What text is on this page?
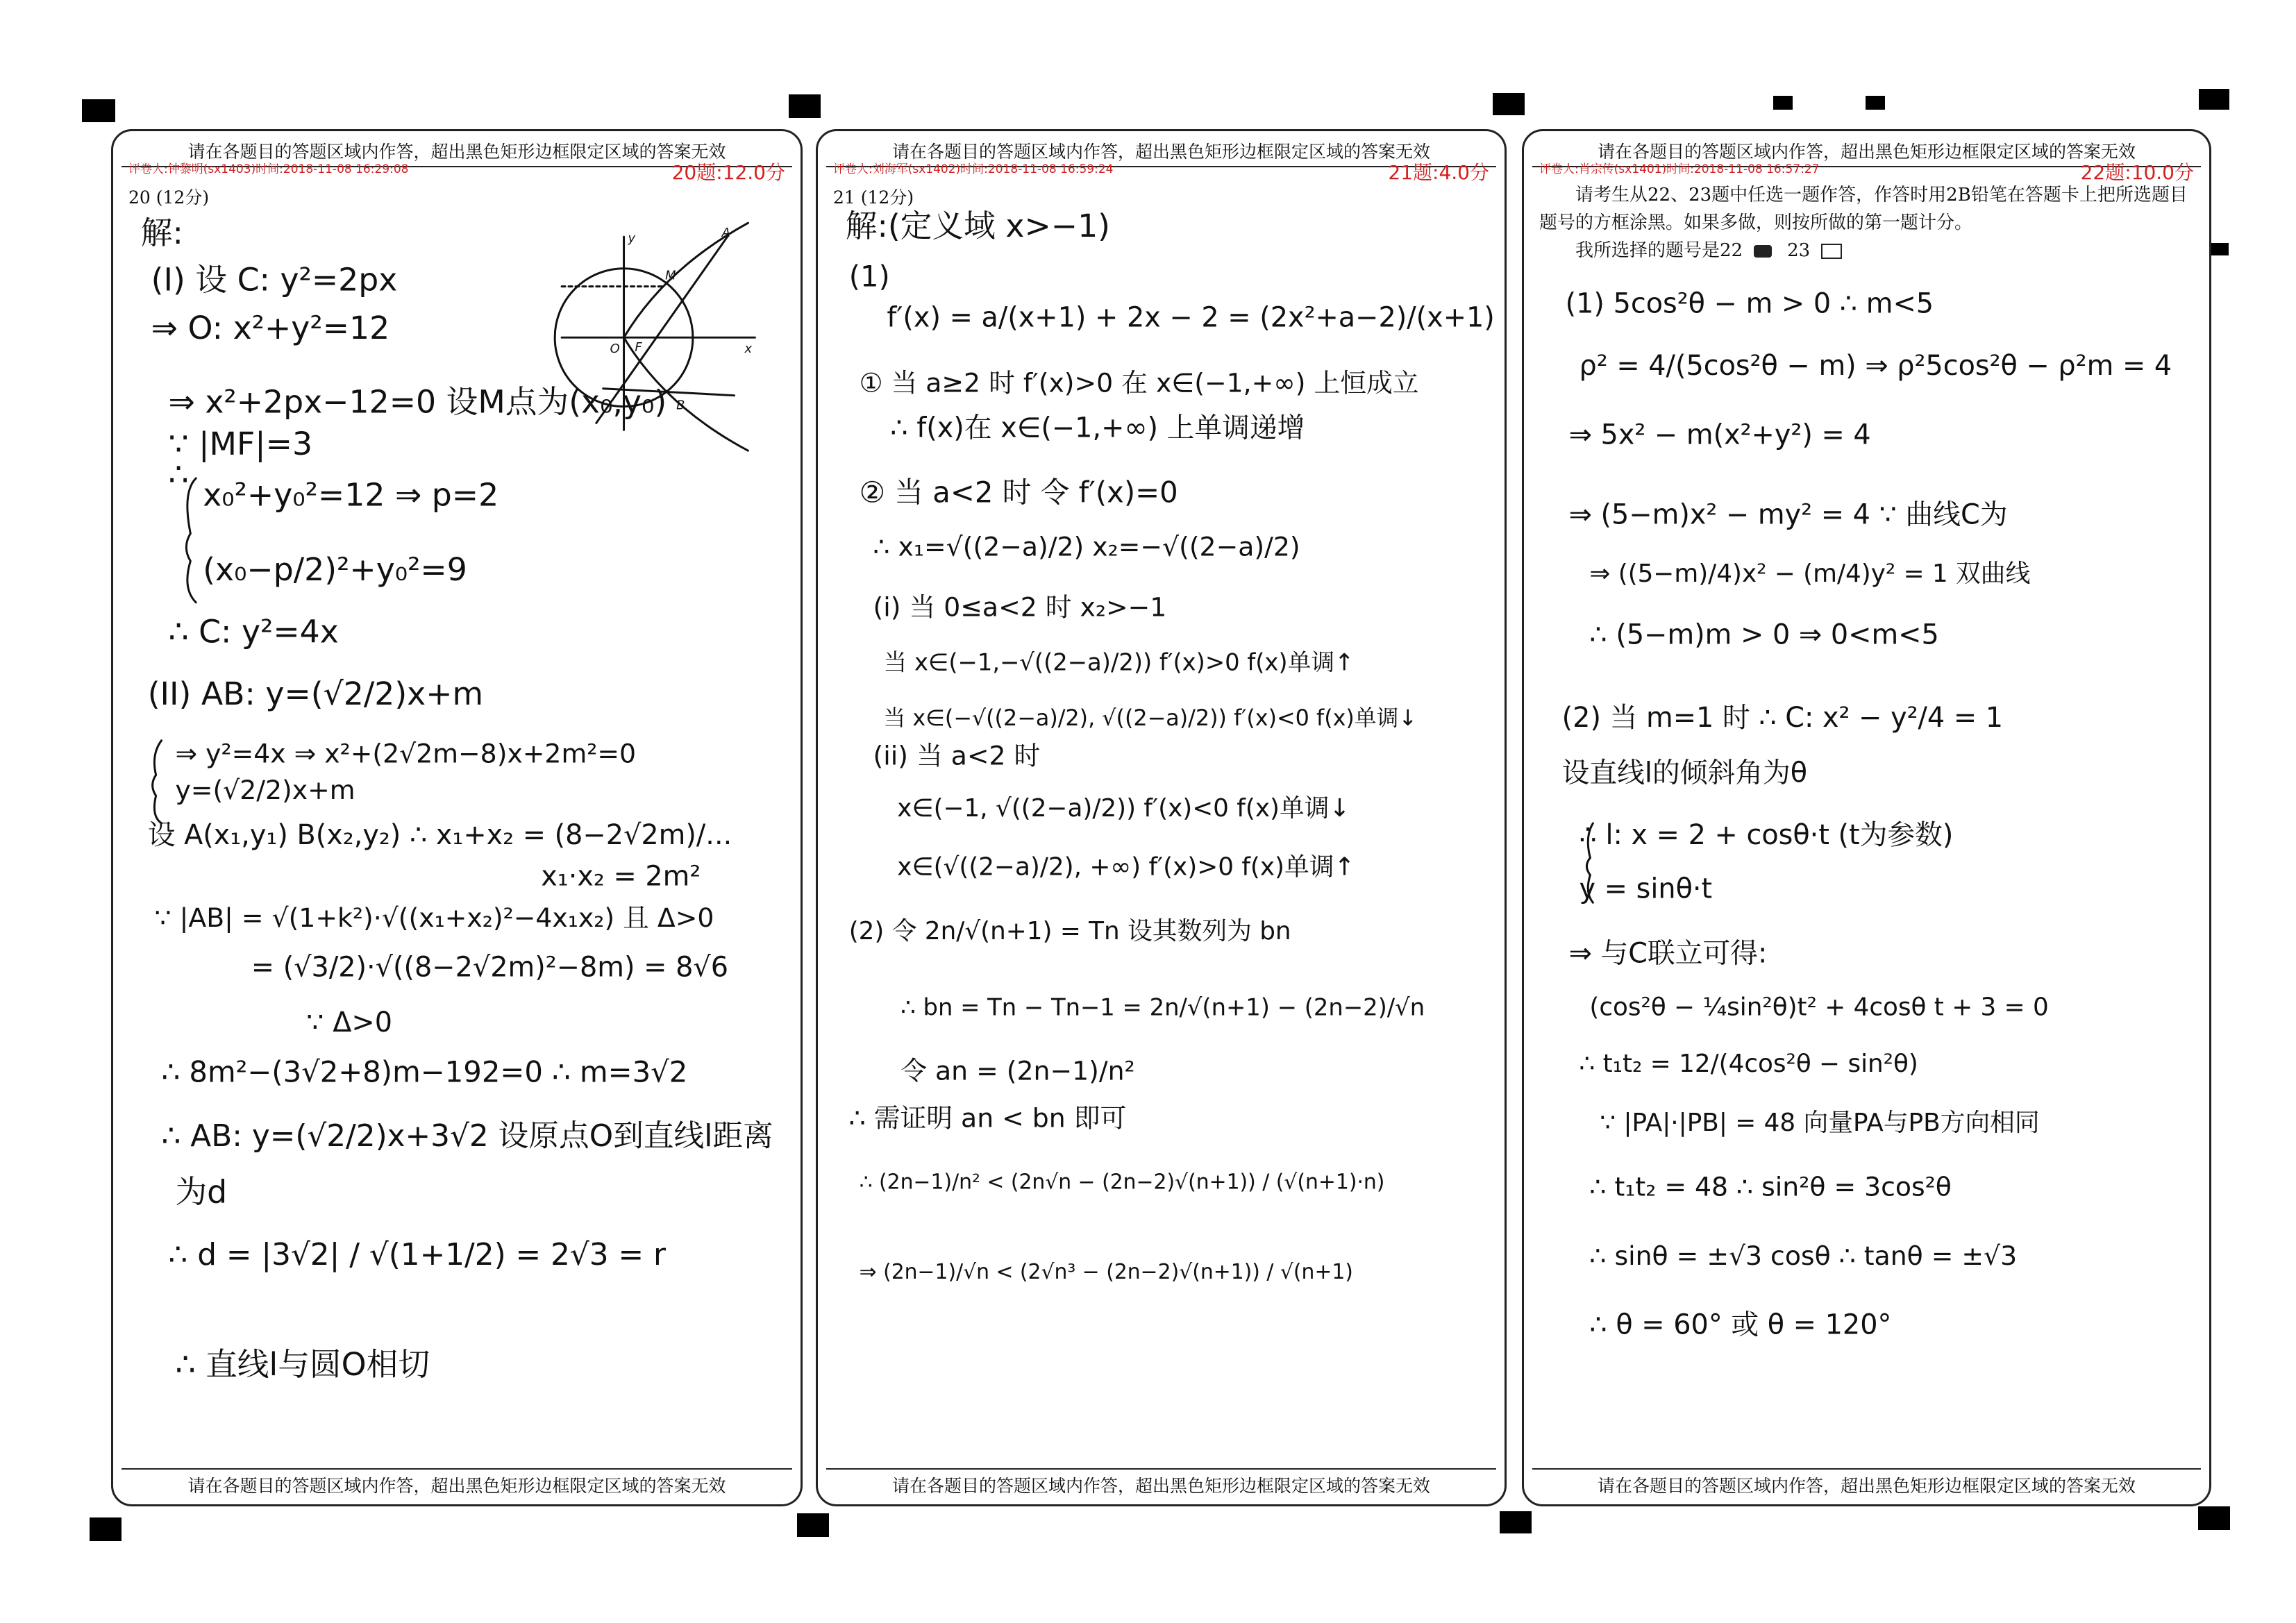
请在各题目的答题区域内作答，超出黑色矩形边框限定区域的答案无效
评卷人:钟黎明(sx1403)时间:2018-11-08 16:29:08	20题:12.0分
20 (12分)
解:
(I) 设 C: y²=2px
⇒ O: x²+y²=12
⇒ x²+2px−12=0 设M点为(x₀,y₀)
∵ |MF|=3
∴
x₀²+y₀²=12 ⇒ p=2
(x₀−p/2)²+y₀²=9
∴ C: y²=4x
(II) AB: y=(√2/2)x+m
⇒ y²=4x ⇒ x²+(2√2m−8)x+2m²=0
y=(√2/2)x+m
设 A(x₁,y₁) B(x₂,y₂) ∴ x₁+x₂ = (8−2√2m)/...
x₁·x₂ = 2m²
∵ |AB| = √(1+k²)·√((x₁+x₂)²−4x₁x₂) 且 Δ>0
= (√3/2)·√((8−2√2m)²−8m) = 8√6
∵ Δ>0
∴ 8m²−(3√2+8)m−192=0 ∴ m=3√2
∴ AB: y=(√2/2)x+3√2 设原点O到直线l距离
为d
∴ d = |3√2| / √(1+1/2) = 2√3 = r
∴ 直线l与圆O相切
y	A
M
O F	x
B
请在各题目的答题区域内作答，超出黑色矩形边框限定区域的答案无效
请在各题目的答题区域内作答，超出黑色矩形边框限定区域的答案无效
评卷人:刘海军(sx1402)时间:2018-11-08 16:59:24	21题:4.0分
21 (12分)
解:(定义域 x>−1)
(1)
f′(x) = a/(x+1) + 2x − 2 = (2x²+a−2)/(x+1)
① 当 a≥2 时 f′(x)>0 在 x∈(−1,+∞) 上恒成立
∴ f(x)在 x∈(−1,+∞) 上单调递增
② 当 a<2 时 令 f′(x)=0
∴ x₁=√((2−a)/2) x₂=−√((2−a)/2)
(i) 当 0≤a<2 时 x₂>−1
当 x∈(−1,−√((2−a)/2)) f′(x)>0 f(x)单调↑
当 x∈(−√((2−a)/2), √((2−a)/2)) f′(x)<0 f(x)单调↓
(ii) 当 a<2 时
x∈(−1, √((2−a)/2)) f′(x)<0 f(x)单调↓
x∈(√((2−a)/2), +∞) f′(x)>0 f(x)单调↑
(2) 令 2n/√(n+1) = Tn 设其数列为 bn
∴ bn = Tn − Tn−1 = 2n/√(n+1) − (2n−2)/√n
令 an = (2n−1)/n²
∴ 需证明 an < bn 即可
∴ (2n−1)/n² < (2n√n − (2n−2)√(n+1)) / (√(n+1)·n)
⇒ (2n−1)/√n < (2√n³ − (2n−2)√(n+1)) / √(n+1)
请在各题目的答题区域内作答，超出黑色矩形边框限定区域的答案无效
请在各题目的答题区域内作答，超出黑色矩形边框限定区域的答案无效
评卷人:肖宗传(sx1401)时间:2018-11-08 16:57:27	22题:10.0分
请考生从22、23题中任选一题作答，作答时用2B铅笔在答题卡上把所选题目题号的方框涂黑。如果多做，则按所做的第一题计分。
我所选择的题号是22 23
(1) 5cos²θ − m > 0 ∴ m<5
ρ² = 4/(5cos²θ − m) ⇒ ρ²5cos²θ − ρ²m = 4
⇒ 5x² − m(x²+y²) = 4
⇒ (5−m)x² − my² = 4 ∵ 曲线C为
⇒ ((5−m)/4)x² − (m/4)y² = 1 双曲线
∴ (5−m)m > 0 ⇒ 0<m<5
(2) 当 m=1 时 ∴ C: x² − y²/4 = 1
设直线l的倾斜角为θ
∴ l: x = 2 + cosθ·t (t为参数)
y = sinθ·t
⇒ 与C联立可得:
(cos²θ − ¼sin²θ)t² + 4cosθ t + 3 = 0
∴ t₁t₂ = 12/(4cos²θ − sin²θ)
∵ |PA|·|PB| = 48 向量PA与PB方向相同
∴ t₁t₂ = 48 ∴ sin²θ = 3cos²θ
∴ sinθ = ±√3 cosθ ∴ tanθ = ±√3
∴ θ = 60° 或 θ = 120°
请在各题目的答题区域内作答，超出黑色矩形边框限定区域的答案无效
